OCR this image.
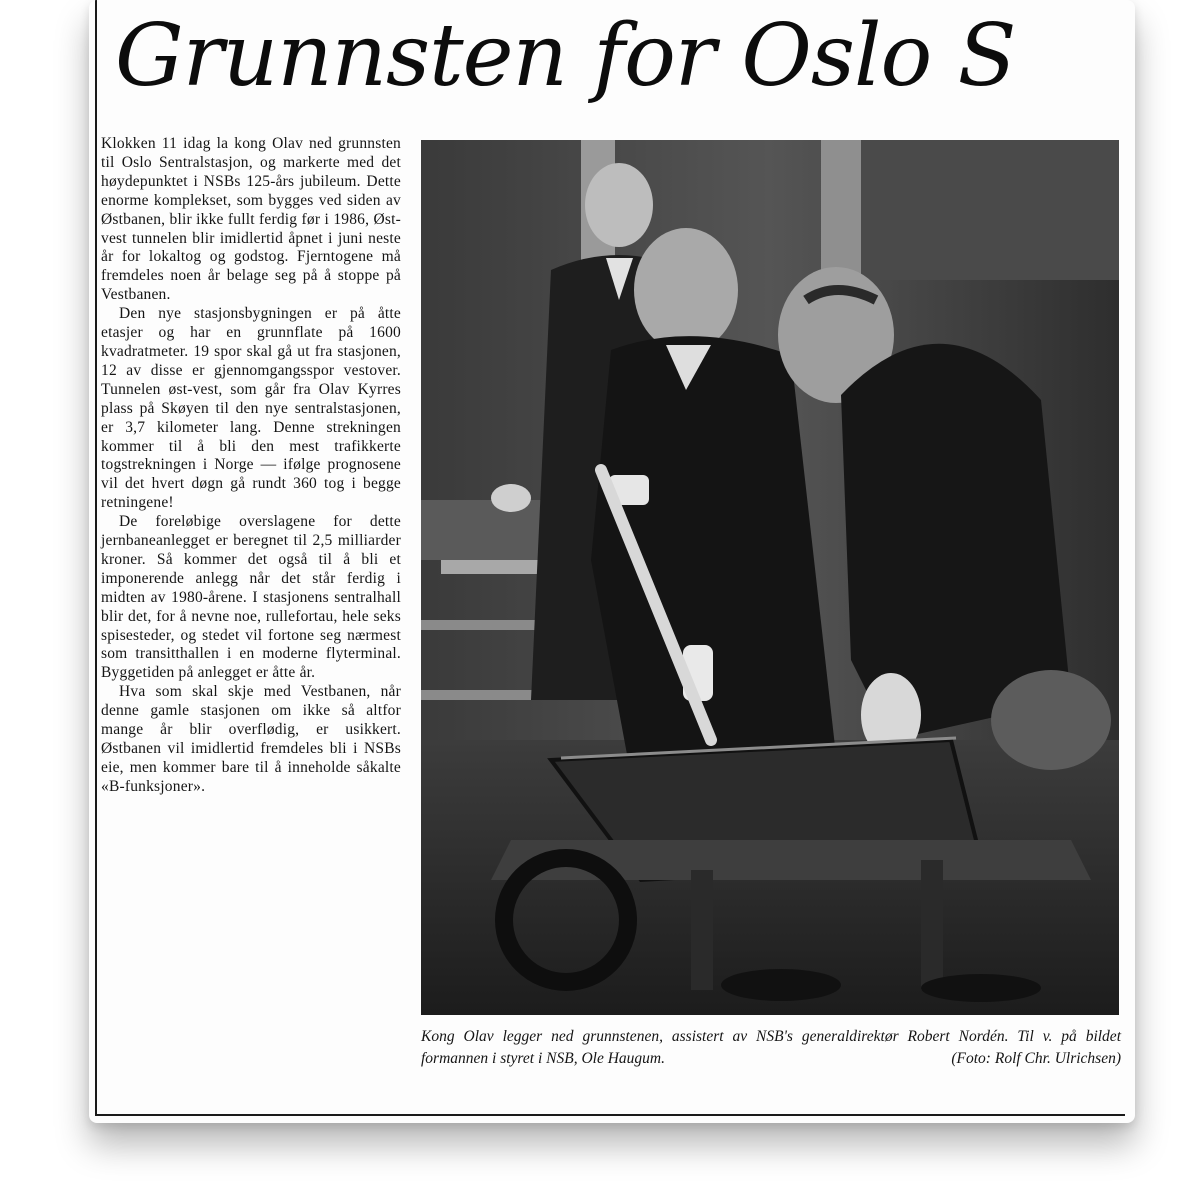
Grunnsten for Oslo S

Klokken 11 idag la kong Olav ned grunnsten til Oslo Sentralstasjon, og markerte med det høydepunktet i NSBs 125-års jubileum. Dette enorme komplekset, som bygges ved siden av Østbanen, blir ikke fullt ferdig før i 1986, Øst-vest tunnelen blir imidlertid åpnet i juni neste år for lokaltog og godstog. Fjerntogene må fremdeles noen år belage seg på å stoppe på Vestbanen.

Den nye stasjonsbygningen er på åtte etasjer og har en grunnflate på 1600 kvadratmeter. 19 spor skal gå ut fra stasjonen, 12 av disse er gjennomgangsspor vestover. Tunnelen øst-vest, som går fra Olav Kyrres plass på Skøyen til den nye sentralstasjonen, er 3,7 kilometer lang. Denne strekningen kommer til å bli den mest trafikkerte togstrekningen i Norge — ifølge prognosene vil det hvert døgn gå rundt 360 tog i begge retningene!

De foreløbige overslagene for dette jernbaneanlegget er beregnet til 2,5 milliarder kroner. Så kommer det også til å bli et imponerende anlegg når det står ferdig i midten av 1980-årene. I stasjonens sentralhall blir det, for å nevne noe, rullefortau, hele seks spisesteder, og stedet vil fortone seg nærmest som transitthallen i en moderne flyterminal. Byggetiden på anlegget er åtte år.

Hva som skal skje med Vestbanen, når denne gamle stasjonen om ikke så altfor mange år blir overflødig, er usikkert. Østbanen vil imidlertid fremdeles bli i NSBs eie, men kommer bare til å inneholde såkalte «B-funksjoner».

Kong Olav legger ned grunnstenen, assistert av NSB's generaldirektør Robert Nordén. Til v. på bildet formannen i styret i NSB, Ole Haugum.	(Foto: Rolf Chr. Ulrichsen)
